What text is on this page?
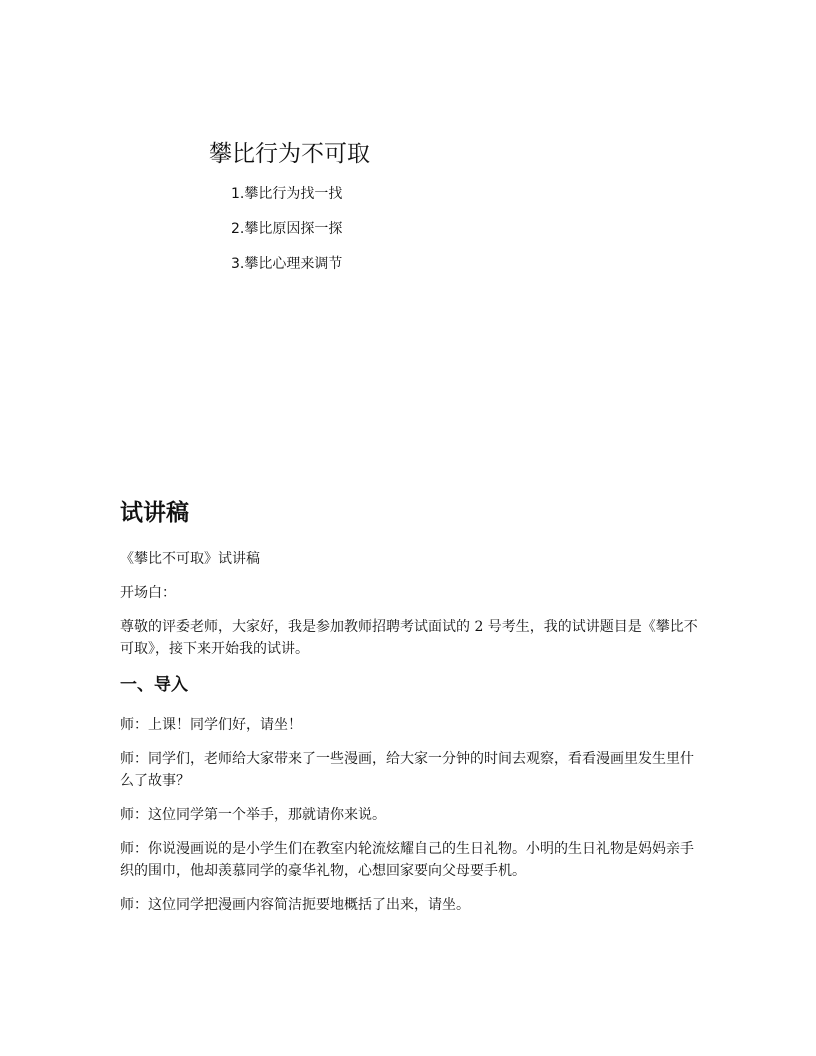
攀比行为不可取
1.攀比行为找一找
2.攀比原因探一探
3.攀比心理来调节
试讲稿

《攀比不可取》试讲稿

开场白：

尊敬的评委老师，大家好，我是参加教师招聘考试面试的 2 号考生，我的试讲题目是《攀比不可取》，接下来开始我的试讲。

一、导入

师：上课！同学们好，请坐！

师：同学们，老师给大家带来了一些漫画，给大家一分钟的时间去观察，看看漫画里发生里什么了故事？

师：这位同学第一个举手，那就请你来说。

师：你说漫画说的是小学生们在教室内轮流炫耀自己的生日礼物。小明的生日礼物是妈妈亲手织的围巾，他却羡慕同学的豪华礼物，心想回家要向父母要手机。

师：这位同学把漫画内容简洁扼要地概括了出来，请坐。
